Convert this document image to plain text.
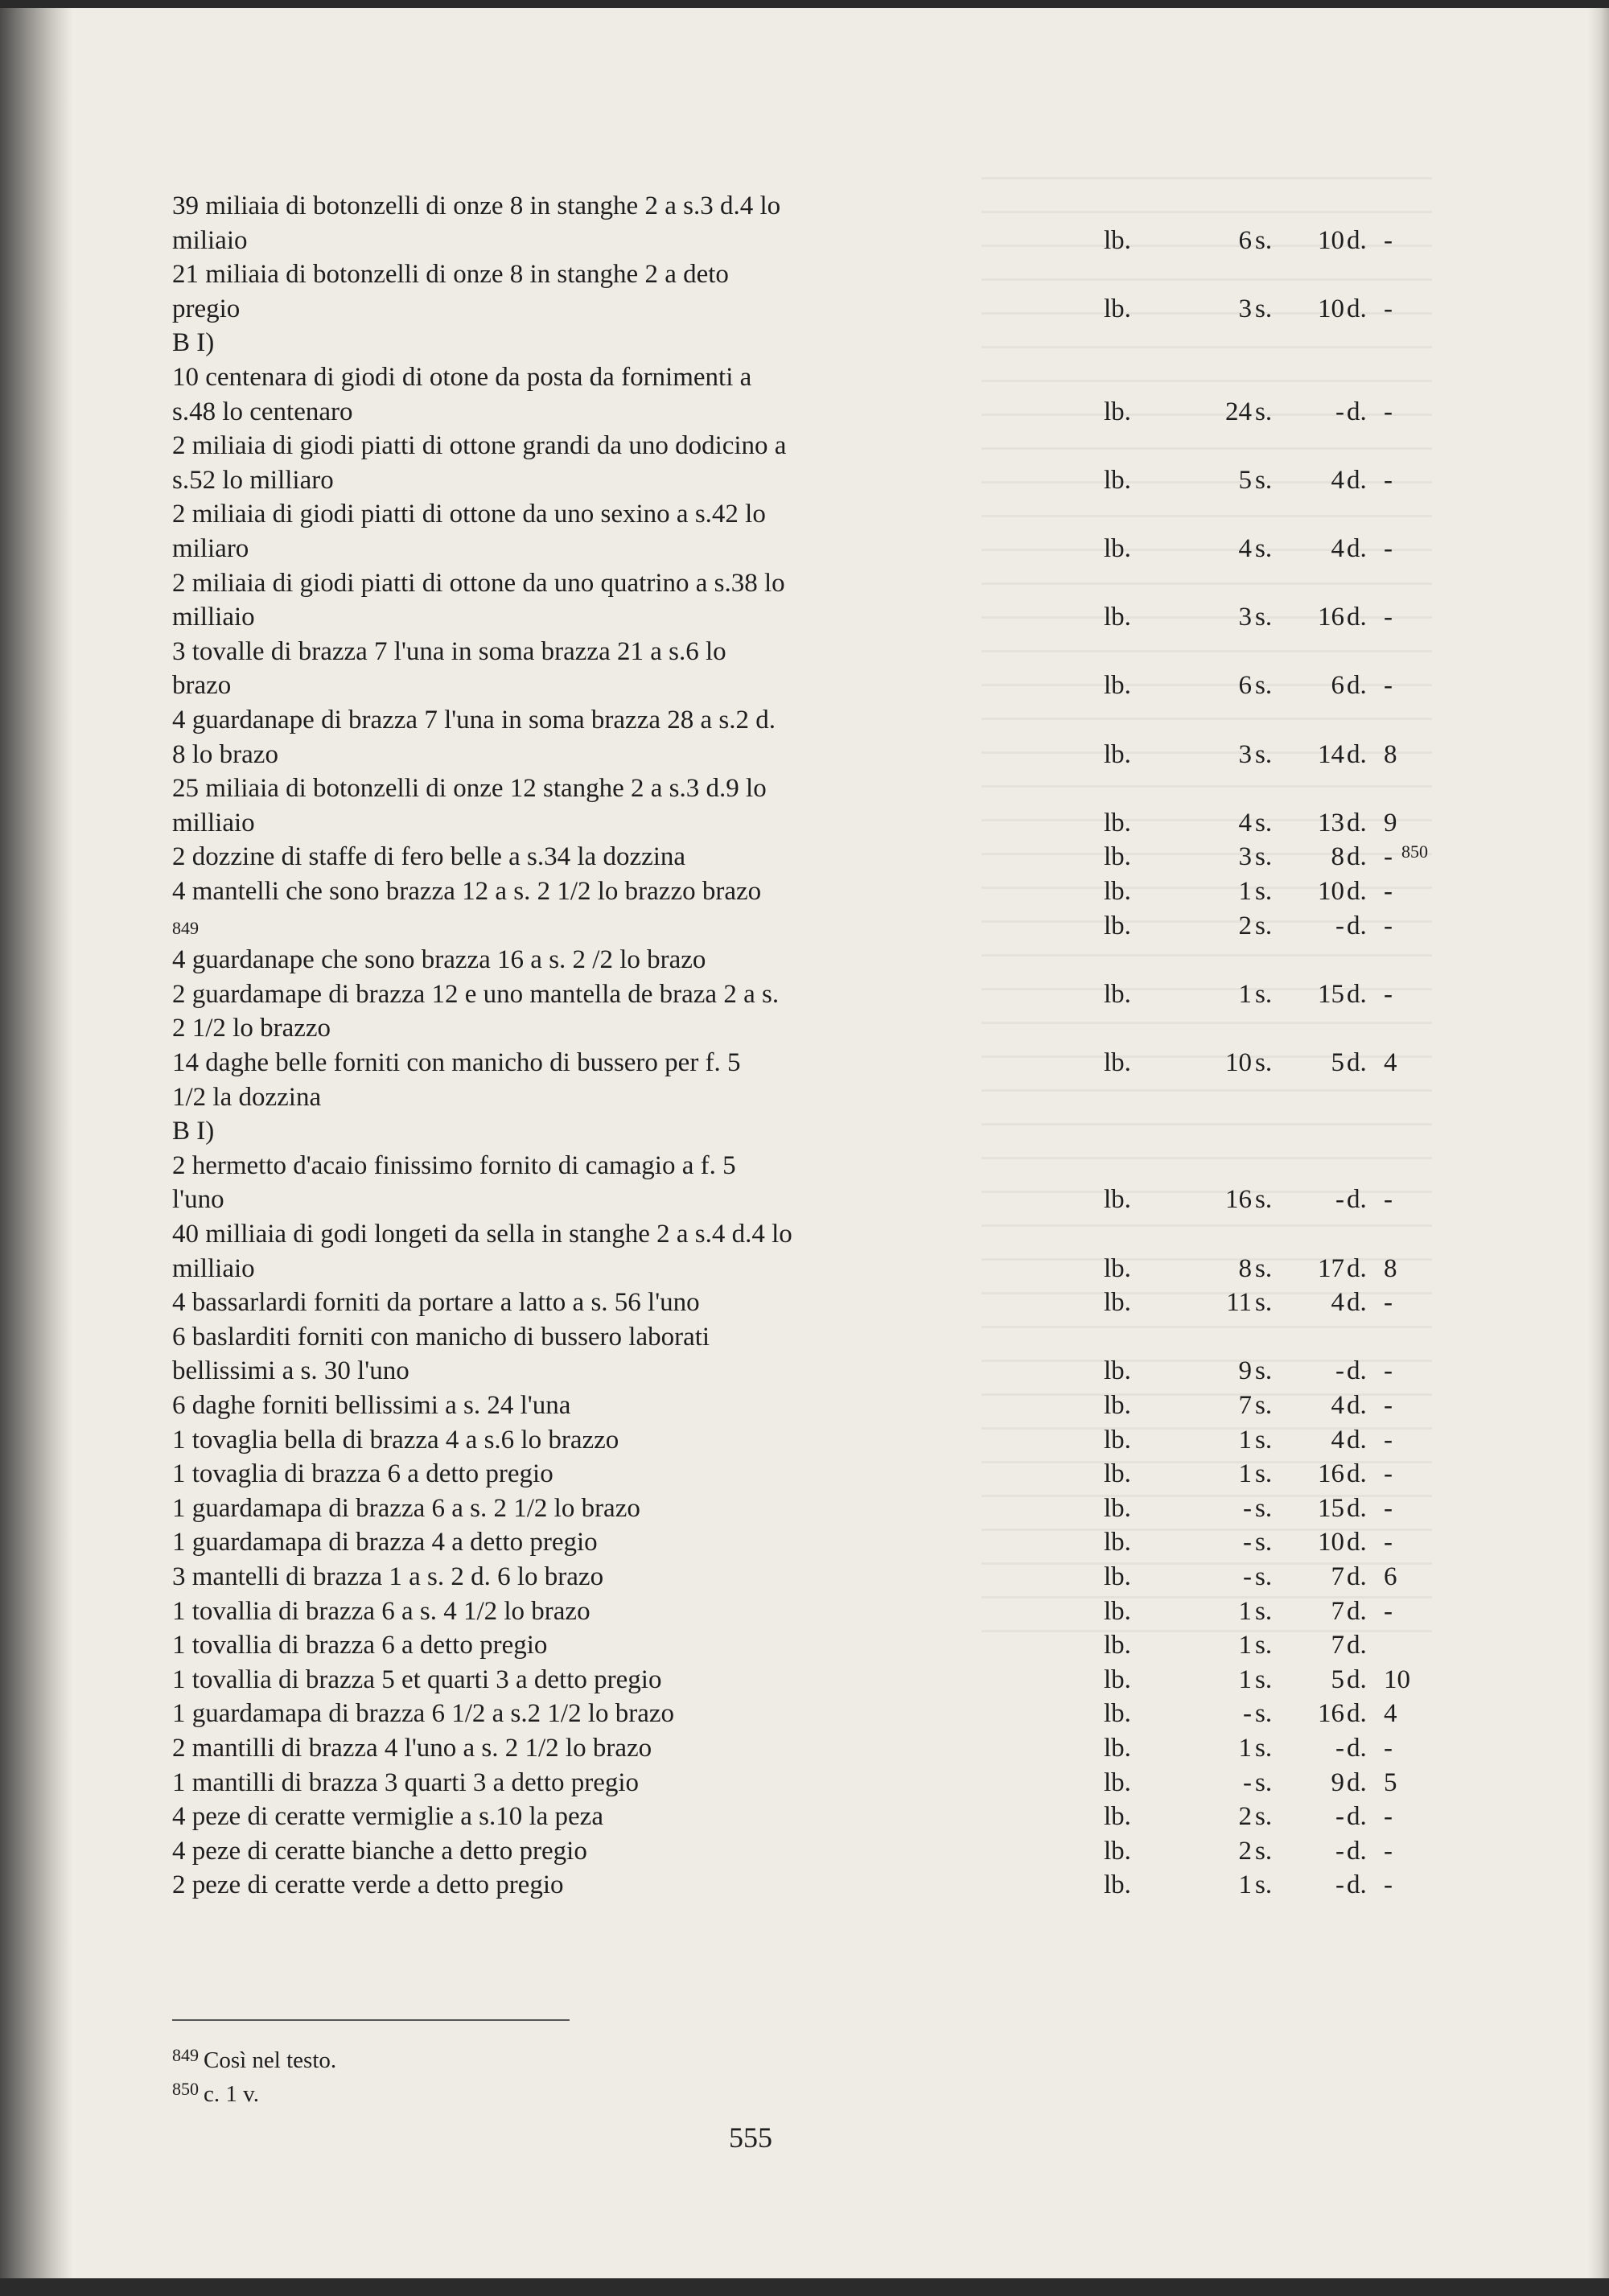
39 miliaia di botonzelli di onze 8 in stanghe 2 a s.3 d.4 lo
miliaio	lb.	6 s.	10 d. -
21 miliaia di botonzelli di onze 8 in stanghe 2 a deto
pregio	lb.	3 s.	10 d. -
B I)
10 centenara di giodi di otone da posta da fornimenti a
s.48 lo centenaro	lb.	24 s.	- d. -
2 miliaia di giodi piatti di ottone grandi da uno dodicino a
s.52 lo milliaro	lb.	5 s.	4 d. -
2 miliaia di giodi piatti di ottone da uno sexino a s.42 lo
miliaro	lb.	4 s.	4 d. -
2 miliaia di giodi piatti di ottone da uno quatrino a s.38 lo
milliaio	lb.	3 s.	16 d. -
3 tovalle di brazza 7 l'una in soma brazza 21 a s.6 lo
brazo	lb.	6 s.	6 d. -
4 guardanape di brazza 7 l'una in soma brazza 28 a s.2 d.
8 lo brazo	lb.	3 s.	14 d. 8
25 miliaia di botonzelli di onze 12 stanghe 2 a s.3 d.9 lo
milliaio	lb.	4 s.	13 d. 9
2 dozzine di staffe di fero belle a s.34 la dozzina	lb.	3 s.	8 d. - 850
4 mantelli che sono brazza 12 a s. 2 1/2 lo brazzo brazo	lb.	1 s.	10 d. -
849	lb.	2 s.	- d. -
4 guardanape che sono brazza 16 a s. 2 /2 lo brazo
2 guardamape di brazza 12 e uno mantella de braza 2 a s.	lb.	1 s.	15 d. -
2 1/2 lo brazzo
14 daghe belle forniti con manicho di bussero per f. 5	lb.	10 s.	5 d. 4
1/2 la dozzina
B I)
2 hermetto d'acaio finissimo fornito di camagio a f. 5
l'uno	lb.	16 s.	- d. -
40 milliaia di godi longeti da sella in stanghe 2 a s.4 d.4 lo
milliaio	lb.	8 s.	17 d. 8
4 bassarlardi forniti da portare a latto a s. 56 l'uno	lb.	11 s.	4 d. -
6 baslarditi forniti con manicho di bussero laborati
bellissimi a s. 30 l'uno	lb.	9 s.	- d. -
6 daghe forniti bellissimi a s. 24 l'una	lb.	7 s.	4 d. -
1 tovaglia bella di brazza 4 a s.6 lo brazzo	lb.	1 s.	4 d. -
1 tovaglia di brazza 6 a detto pregio	lb.	1 s.	16 d. -
1 guardamapa di brazza 6 a s. 2 1/2 lo brazo	lb.	- s.	15 d. -
1 guardamapa di brazza 4 a detto pregio	lb.	- s.	10 d. -
3 mantelli di brazza 1 a s. 2 d. 6 lo brazo	lb.	- s.	7 d. 6
1 tovallia di brazza 6 a s. 4 1/2 lo brazo	lb.	1 s.	7 d. -
1 tovallia di brazza 6 a detto pregio	lb.	1 s.	7 d.
1 tovallia di brazza 5 et quarti 3 a detto pregio	lb.	1 s.	5 d. 10
1 guardamapa di brazza 6 1/2 a s.2 1/2 lo brazo	lb.	- s.	16 d. 4
2 mantilli di brazza 4 l'uno a s. 2 1/2 lo brazo	lb.	1 s.	- d. -
1 mantilli di brazza 3 quarti 3 a detto pregio	lb.	- s.	9 d. 5
4 peze di ceratte vermiglie a s.10 la peza	lb.	2 s.	- d. -
4 peze di ceratte bianche a detto pregio	lb.	2 s.	- d. -
2 peze di ceratte verde a detto pregio	lb.	1 s.	- d. -
$^{849}$ Così nel testo.
$^{850}$ c. 1 v.
555
